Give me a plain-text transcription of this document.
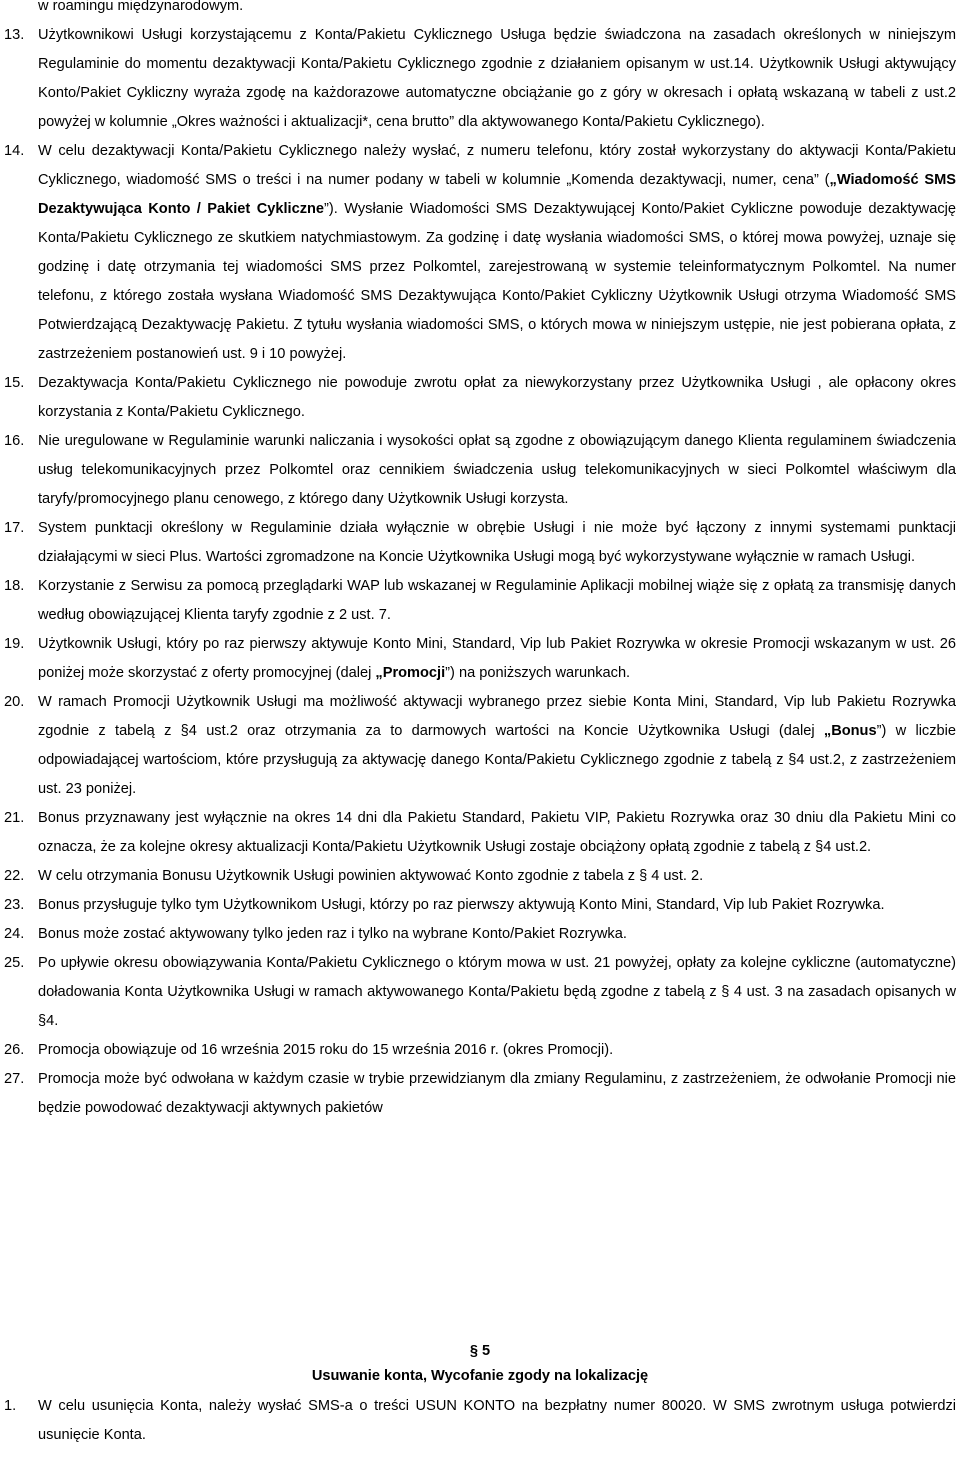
w roamingu międzynarodowym.

13. Użytkownikowi Usługi korzystającemu z Konta/Pakietu Cyklicznego Usługa będzie świadczona na zasadach określonych w niniejszym Regulaminie do momentu dezaktywacji Konta/Pakietu Cyklicznego zgodnie z działaniem opisanym w ust.14. Użytkownik Usługi aktywujący Konto/Pakiet Cykliczny wyraża zgodę na każdorazowe automatyczne obciążanie go z góry w okresach i opłatą wskazaną w tabeli z ust.2 powyżej w kolumnie „Okres ważności i aktualizacji*, cena brutto” dla aktywowanego Konta/Pakietu Cyklicznego).

14. W celu dezaktywacji Konta/Pakietu Cyklicznego należy wysłać, z numeru telefonu, który został wykorzystany do aktywacji Konta/Pakietu Cyklicznego, wiadomość SMS o treści i na numer podany w tabeli w kolumnie „Komenda dezaktywacji, numer, cena” („Wiadomość SMS Dezaktywująca Konto / Pakiet Cykliczne”). Wysłanie Wiadomości SMS Dezaktywującej Konto/Pakiet Cykliczne powoduje dezaktywację Konta/Pakietu Cyklicznego ze skutkiem natychmiastowym. Za godzinę i datę wysłania wiadomości SMS, o której mowa powyżej, uznaje się godzinę i datę otrzymania tej wiadomości SMS przez Polkomtel, zarejestrowaną w systemie teleinformatycznym Polkomtel. Na numer telefonu, z którego została wysłana Wiadomość SMS Dezaktywująca Konto/Pakiet Cykliczny Użytkownik Usługi otrzyma Wiadomość SMS Potwierdzającą Dezaktywację Pakietu. Z tytułu wysłania wiadomości SMS, o których mowa w niniejszym ustępie, nie jest pobierana opłata, z zastrzeżeniem postanowień ust. 9 i 10 powyżej.

15. Dezaktywacja Konta/Pakietu Cyklicznego nie powoduje zwrotu opłat za niewykorzystany przez Użytkownika Usługi , ale opłacony okres korzystania z Konta/Pakietu Cyklicznego.

16. Nie uregulowane w Regulaminie warunki naliczania i wysokości opłat są zgodne z obowiązującym danego Klienta regulaminem świadczenia usług telekomunikacyjnych przez Polkomtel oraz cennikiem świadczenia usług telekomunikacyjnych w sieci Polkomtel właściwym dla taryfy/promocyjnego planu cenowego, z którego dany Użytkownik Usługi korzysta.

17. System punktacji określony w Regulaminie działa wyłącznie w obrębie Usługi i nie może być łączony z innymi systemami punktacji działającymi w sieci Plus. Wartości zgromadzone na Koncie Użytkownika Usługi mogą być wykorzystywane wyłącznie w ramach Usługi.

18. Korzystanie z Serwisu za pomocą przeglądarki WAP lub wskazanej w Regulaminie Aplikacji mobilnej wiąże się z opłatą za transmisję danych według obowiązującej Klienta taryfy zgodnie z 2 ust. 7.

19. Użytkownik Usługi, który po raz pierwszy aktywuje Konto Mini, Standard, Vip lub Pakiet Rozrywka w okresie Promocji wskazanym w ust. 26 poniżej może skorzystać z oferty promocyjnej (dalej „Promocji”) na poniższych warunkach.

20. W ramach Promocji Użytkownik Usługi ma możliwość aktywacji wybranego przez siebie Konta Mini, Standard, Vip lub Pakietu Rozrywka zgodnie z tabelą z §4 ust.2 oraz otrzymania za to darmowych wartości na Koncie Użytkownika Usługi (dalej „Bonus”) w liczbie odpowiadającej wartościom, które przysługują za aktywację danego Konta/Pakietu Cyklicznego zgodnie z tabelą z §4 ust.2, z zastrzeżeniem ust. 23 poniżej.

21. Bonus przyznawany jest wyłącznie na okres 14 dni dla Pakietu Standard, Pakietu VIP, Pakietu Rozrywka oraz 30 dniu dla Pakietu Mini co oznacza, że za kolejne okresy aktualizacji Konta/Pakietu Użytkownik Usługi zostaje obciążony opłatą zgodnie z tabelą z §4 ust.2.

22. W celu otrzymania Bonusu Użytkownik Usługi powinien aktywować Konto zgodnie z tabela z § 4 ust. 2.

23. Bonus przysługuje tylko tym Użytkownikom Usługi, którzy po raz pierwszy aktywują Konto Mini, Standard, Vip lub Pakiet Rozrywka.

24. Bonus może zostać aktywowany tylko jeden raz i tylko na wybrane Konto/Pakiet Rozrywka.

25. Po upływie okresu obowiązywania Konta/Pakietu Cyklicznego o którym mowa w ust. 21 powyżej, opłaty za kolejne cykliczne (automatyczne) doładowania Konta Użytkownika Usługi w ramach aktywowanego Konta/Pakietu będą zgodne z tabelą z § 4 ust. 3 na zasadach opisanych w §4.

26. Promocja obowiązuje od 16 września 2015 roku do 15 września 2016 r. (okres Promocji).

27. Promocja może być odwołana w każdym czasie w trybie przewidzianym dla zmiany Regulaminu, z zastrzeżeniem, że odwołanie Promocji nie będzie powodować dezaktywacji aktywnych pakietów

§ 5
Usuwanie konta, Wycofanie zgody na lokalizację
1. W celu usunięcia Konta, należy wysłać SMS-a o treści USUN KONTO na bezpłatny numer 80020. W SMS zwrotnym usługa potwierdzi usunięcie Konta.
